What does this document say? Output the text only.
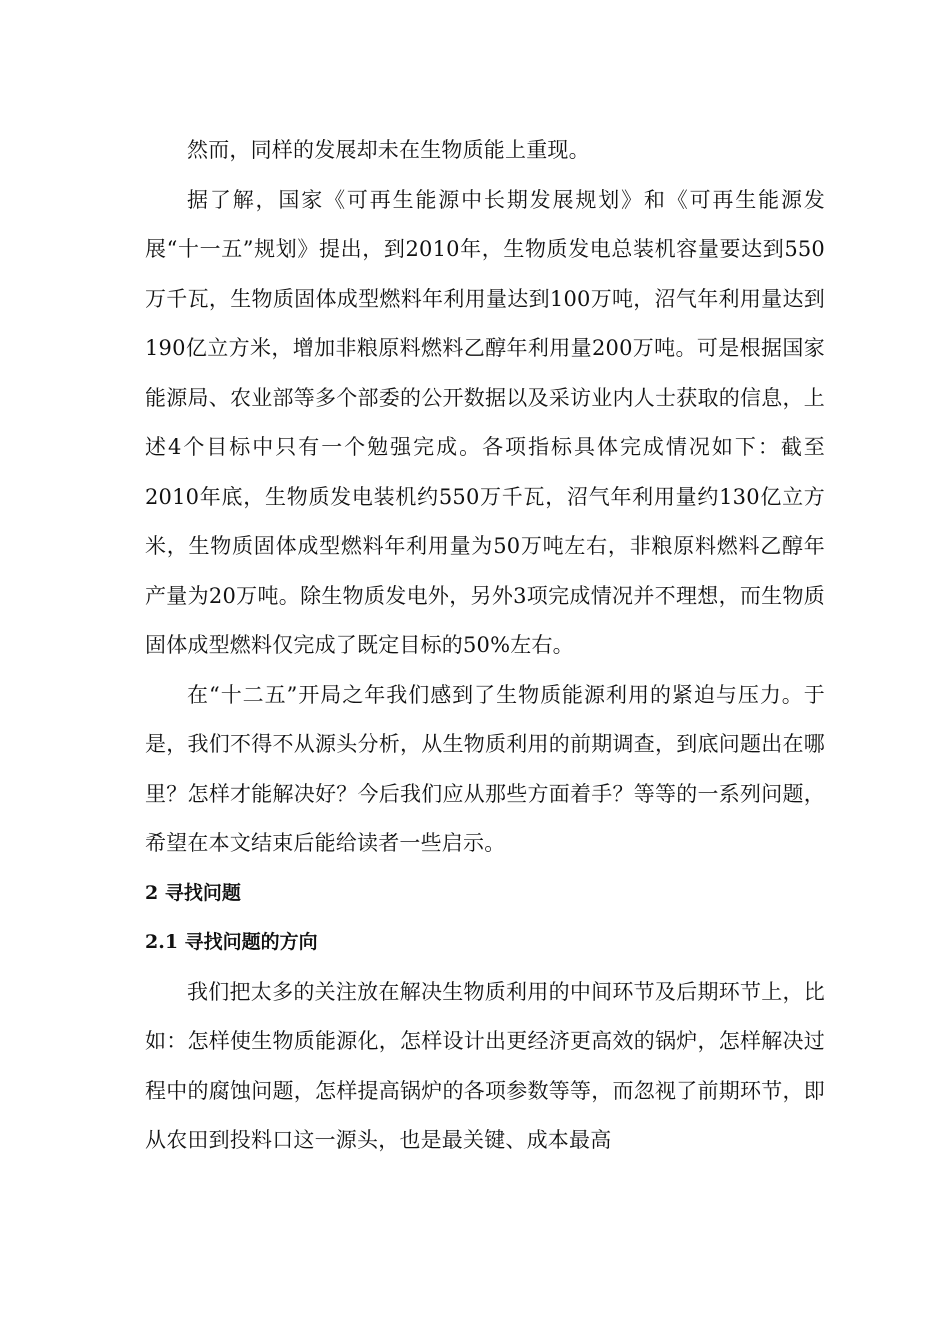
然而，同样的发展却未在生物质能上重现。

据了解，国家《可再生能源中长期发展规划》和《可再生能源发展“十一五”规划》提出，到2010年，生物质发电总装机容量要达到550万千瓦，生物质固体成型燃料年利用量达到100万吨，沼气年利用量达到190亿立方米，增加非粮原料燃料乙醇年利用量200万吨。可是根据国家能源局、农业部等多个部委的公开数据以及采访业内人士获取的信息，上述4个目标中只有一个勉强完成。各项指标具体完成情况如下：截至2010年底，生物质发电装机约550万千瓦，沼气年利用量约130亿立方米，生物质固体成型燃料年利用量为50万吨左右，非粮原料燃料乙醇年产量为20万吨。除生物质发电外，另外3项完成情况并不理想，而生物质固体成型燃料仅完成了既定目标的50%左右。

在“十二五”开局之年我们感到了生物质能源利用的紧迫与压力。于是，我们不得不从源头分析，从生物质利用的前期调查，到底问题出在哪里？怎样才能解决好？今后我们应从那些方面着手？等等的一系列问题，希望在本文结束后能给读者一些启示。

2 寻找问题
2.1 寻找问题的方向

我们把太多的关注放在解决生物质利用的中间环节及后期环节上，比如：怎样使生物质能源化，怎样设计出更经济更高效的锅炉，怎样解决过程中的腐蚀问题，怎样提高锅炉的各项参数等等，而忽视了前期环节，即从农田到投料口这一源头，也是最关键、成本最高
